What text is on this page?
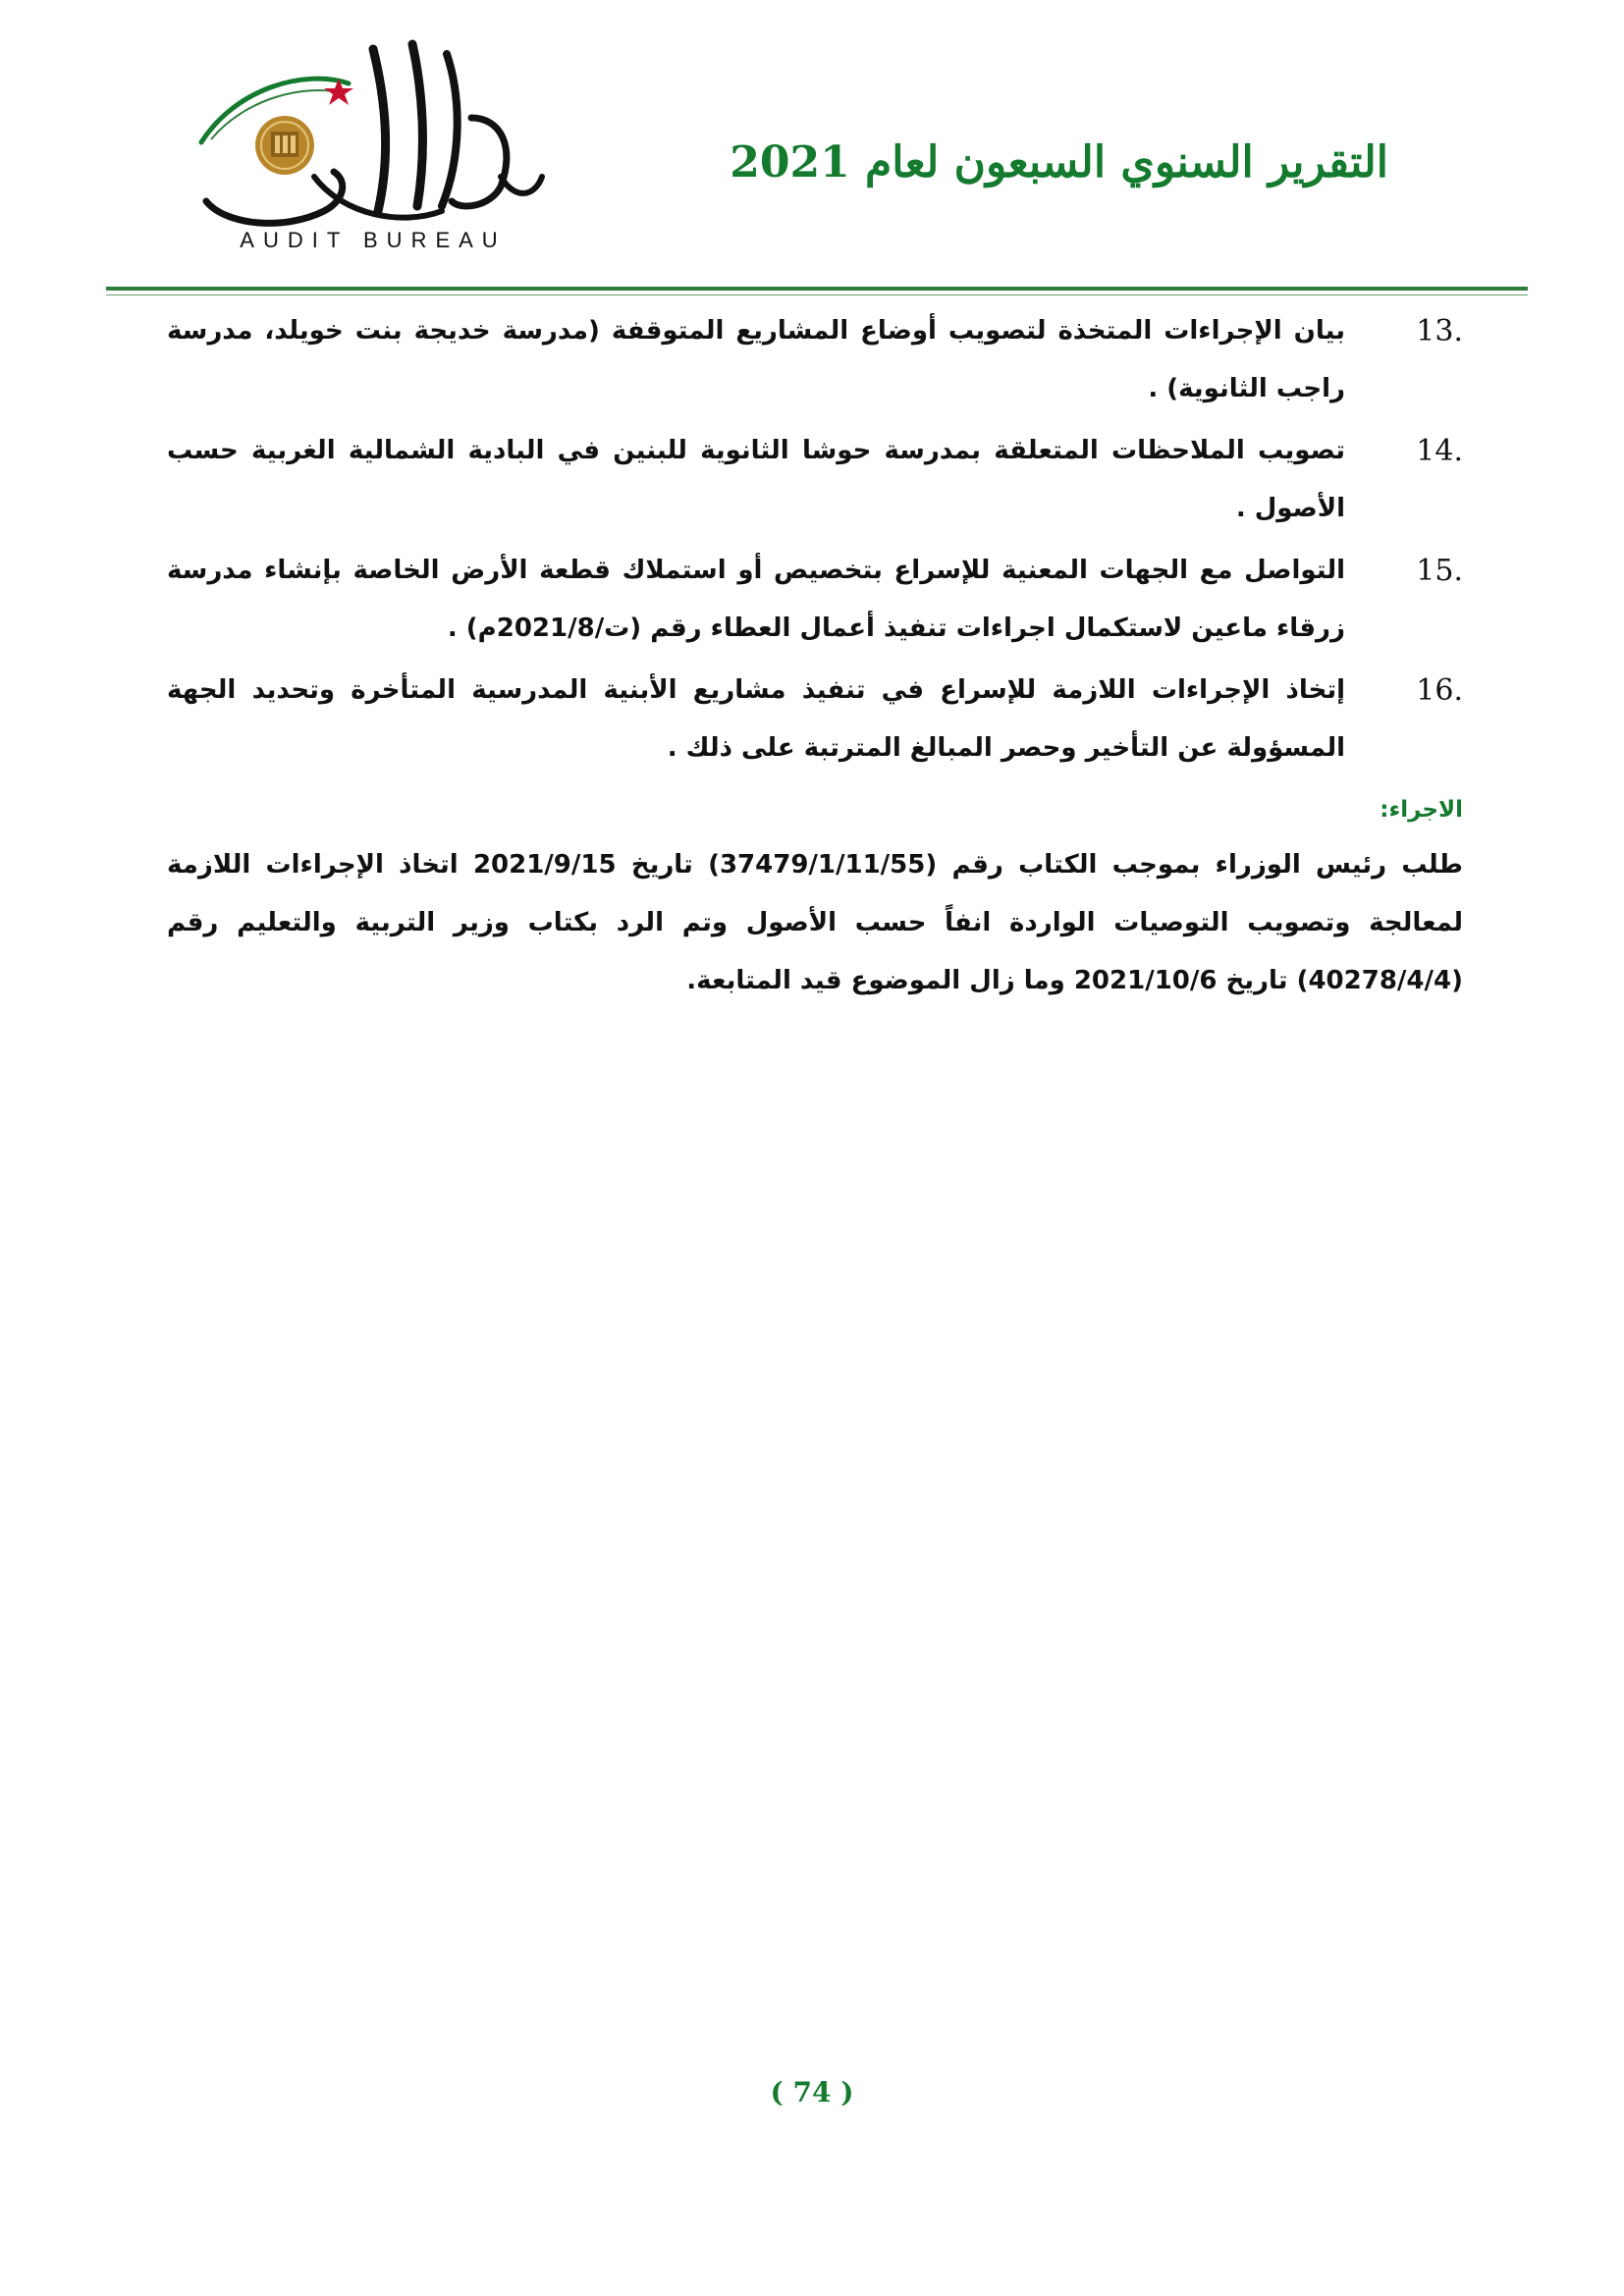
AUDIT BUREAU
التقرير السنوي السبعون لعام 2021
13.
بيان الإجراءات المتخذة لتصويب أوضاع المشاريع المتوقفة (مدرسة خديجة بنت خويلد، مدرسة راجب الثانوية) .
14.
تصويب الملاحظات المتعلقة بمدرسة حوشا الثانوية للبنين في البادية الشمالية الغربية حسب الأصول .
15.
التواصل مع الجهات المعنية للإسراع بتخصيص أو استملاك قطعة الأرض الخاصة بإنشاء مدرسة زرقاء ماعين لاستكمال اجراءات تنفيذ أعمال العطاء رقم (ت/2021/8م) .
16.
إتخاذ الإجراءات اللازمة للإسراع في تنفيذ مشاريع الأبنية المدرسية المتأخرة وتحديد الجهة المسؤولة عن التأخير وحصر المبالغ المترتبة على ذلك .
الاجراء:
طلب رئيس الوزراء بموجب الكتاب رقم (37479/1/11/55) تاريخ 2021/9/15 اتخاذ الإجراءات اللازمة لمعالجة وتصويب التوصيات الواردة انفاً حسب الأصول وتم الرد بكتاب وزير التربية والتعليم رقم (40278/4/4) تاريخ 2021/10/6 وما زال الموضوع قيد المتابعة.
( 74 )
